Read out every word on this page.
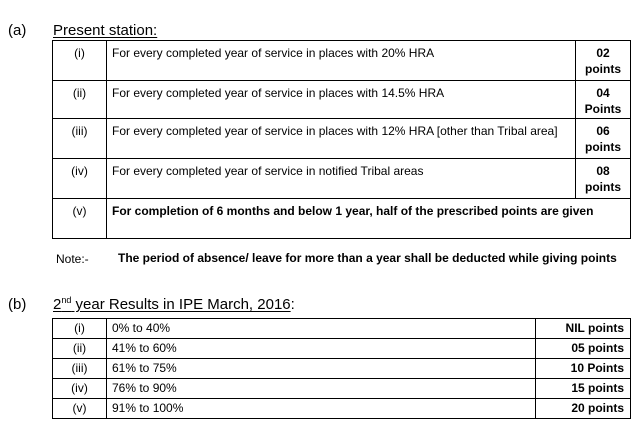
(a) Present station:
(i)	For every completed year of service in places with 20% HRA	02
points
(ii)	For every completed year of service in places with 14.5% HRA	04
Points
(iii)	For every completed year of service in places with 12% HRA [other than Tribal area]	06
points
(iv)	For every completed year of service in notified Tribal areas	08
points
(v)	For completion of 6 months and below 1 year, half of the prescribed points are given	
Note:- The period of absence/ leave for more than a year shall be deducted while giving points
(b) 2nd year Results in IPE March, 2016:
(i)	0% to 40%	NIL points
(ii)	41% to 60%	05 points
(iii)	61% to 75%	10 Points
(iv)	76% to 90%	15 points
(v)	91% to 100%	20 points
